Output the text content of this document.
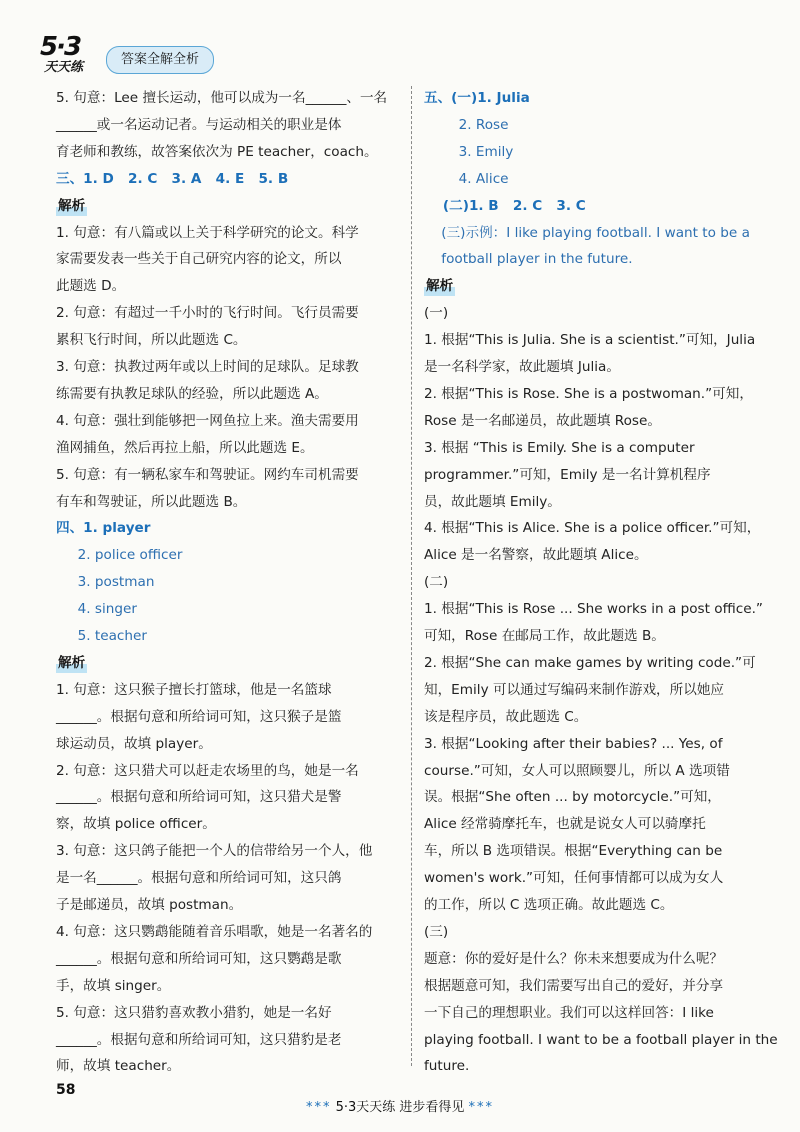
5·3
天天练
答案全解全析
5. 句意：Lee 擅长运动，他可以成为一名______、一名
______或一名运动记者。与运动相关的职业是体
育老师和教练，故答案依次为 PE teacher，coach。
三、1. D   2. C   3. A   4. E   5. B
解析
1. 句意：有八篇或以上关于科学研究的论文。科学
家需要发表一些关于自己研究内容的论文，所以
此题选 D。
2. 句意：有超过一千小时的飞行时间。飞行员需要
累积飞行时间，所以此题选 C。
3. 句意：执教过两年或以上时间的足球队。足球教
练需要有执教足球队的经验，所以此题选 A。
4. 句意：强壮到能够把一网鱼拉上来。渔夫需要用
渔网捕鱼，然后再拉上船，所以此题选 E。
5. 句意：有一辆私家车和驾驶证。网约车司机需要
有车和驾驶证，所以此题选 B。
四、1. player
2. police officer
3. postman
4. singer
5. teacher
解析
1. 句意：这只猴子擅长打篮球，他是一名篮球
______。根据句意和所给词可知，这只猴子是篮
球运动员，故填 player。
2. 句意：这只猎犬可以赶走农场里的鸟，她是一名
______。根据句意和所给词可知，这只猎犬是警
察，故填 police officer。
3. 句意：这只鸽子能把一个人的信带给另一个人，他
是一名______。根据句意和所给词可知，这只鸽
子是邮递员，故填 postman。
4. 句意：这只鹦鹉能随着音乐唱歌，她是一名著名的
______。根据句意和所给词可知，这只鹦鹉是歌
手，故填 singer。
5. 句意：这只猎豹喜欢教小猎豹，她是一名好
______。根据句意和所给词可知，这只猎豹是老
师，故填 teacher。
五、(一)1. Julia
2. Rose
3. Emily
4. Alice
(二)1. B   2. C   3. C
(三)示例：I like playing football. I want to be a
football player in the future.
解析
(一)
1. 根据“This is Julia. She is a scientist.”可知，Julia
是一名科学家，故此题填 Julia。
2. 根据“This is Rose. She is a postwoman.”可知，
Rose 是一名邮递员，故此题填 Rose。
3. 根据 “This is Emily. She is a computer
programmer.”可知，Emily 是一名计算机程序
员，故此题填 Emily。
4. 根据“This is Alice. She is a police officer.”可知，
Alice 是一名警察，故此题填 Alice。
(二)
1. 根据“This is Rose ... She works in a post office.”
可知，Rose 在邮局工作，故此题选 B。
2. 根据“She can make games by writing code.”可
知，Emily 可以通过写编码来制作游戏，所以她应
该是程序员，故此题选 C。
3. 根据“Looking after their babies? ... Yes, of
course.”可知，女人可以照顾婴儿，所以 A 选项错
误。根据“She often ... by motorcycle.”可知，
Alice 经常骑摩托车，也就是说女人可以骑摩托
车，所以 B 选项错误。根据“Everything can be
women's work.”可知，任何事情都可以成为女人
的工作，所以 C 选项正确。故此题选 C。
(三)
题意：你的爱好是什么？你未来想要成为什么呢？
根据题意可知，我们需要写出自己的爱好，并分享
一下自己的理想职业。我们可以这样回答：I like
playing football. I want to be a football player in the
future.
58
*** 5·3天天练 进步看得见 ***
